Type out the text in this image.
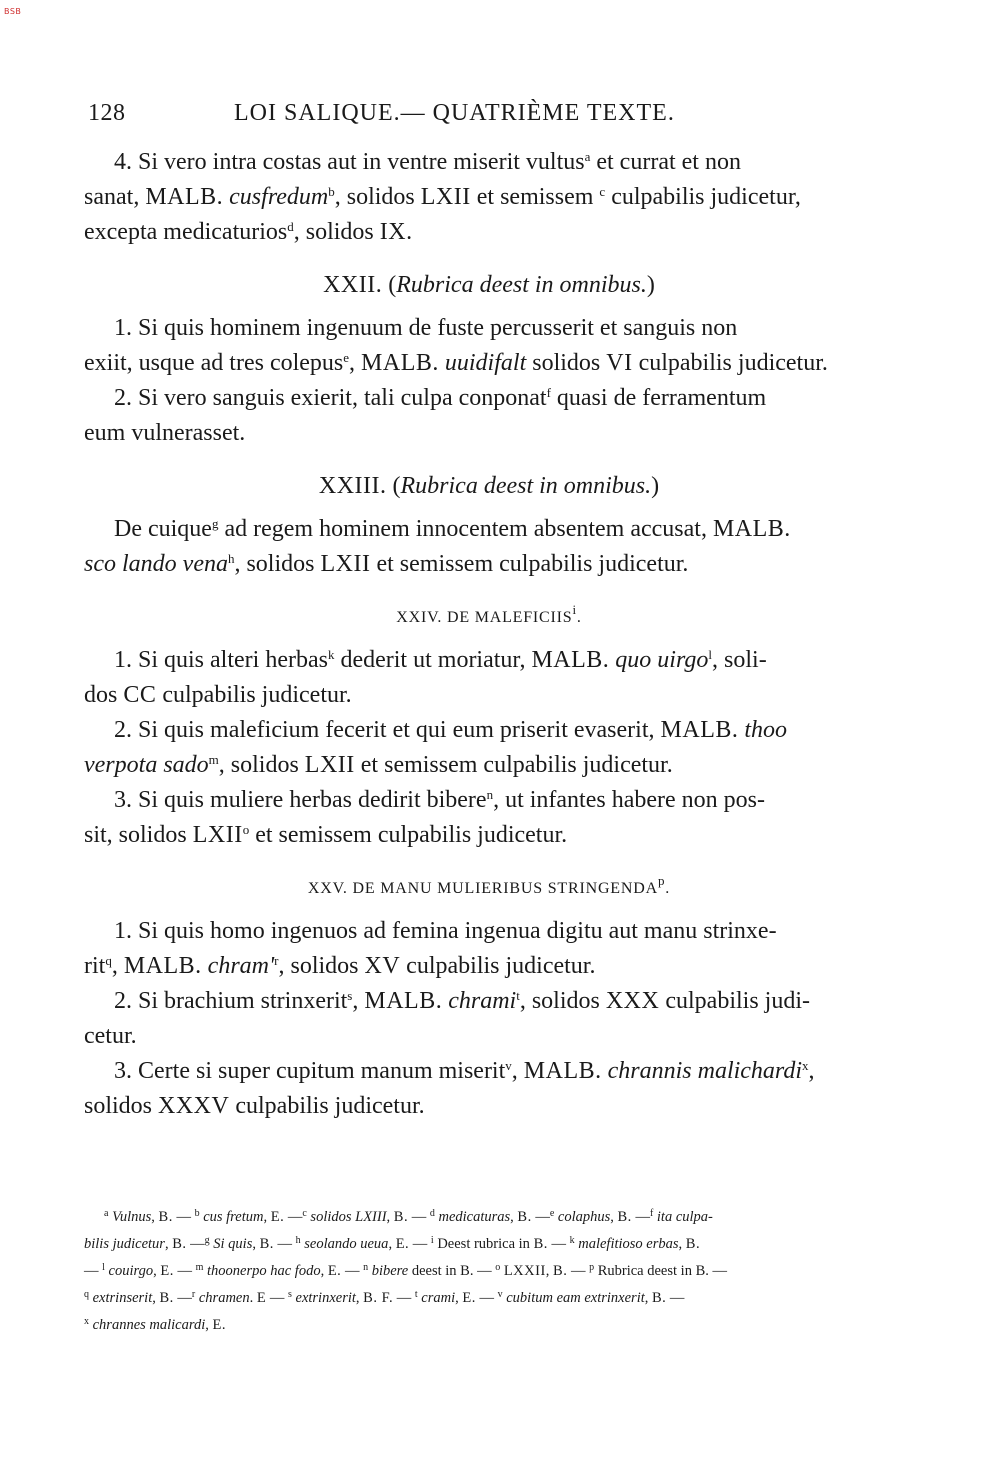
BSB
128	LOI SALIQUE.— QUATRIÈME TEXTE.
4. Si vero intra costas aut in ventre miserit vultus$^a$ et currat et non
sanat, MALB. cusfredum$^b$, solidos LXII et semissem $^c$ culpabilis judicetur,
excepta medicaturios$^d$, solidos IX.
XXII. (Rubrica deest in omnibus.)
1. Si quis hominem ingenuum de fuste percusserit et sanguis non
exiit, usque ad tres colepus$^e$, MALB. uuidifalt solidos VI culpabilis judicetur.
2. Si vero sanguis exierit, tali culpa conponat$^f$ quasi de ferramentum
eum vulnerasset.
XXIII. (Rubrica deest in omnibus.)
De cuique$^g$ ad regem hominem innocentem absentem accusat, MALB.
sco lando vena$^h$, solidos LXII et semissem culpabilis judicetur.
XXIV. DE MALEFICIIS$^i$.
1. Si quis alteri herbas$^k$ dederit ut moriatur, MALB. quo uirgo$^l$, soli-
dos CC culpabilis judicetur.
2. Si quis maleficium fecerit et qui eum priserit evaserit, MALB. thoo
verpota sado$^m$, solidos LXII et semissem culpabilis judicetur.
3. Si quis muliere herbas dedirit bibere$^n$, ut infantes habere non pos-
sit, solidos LXII$^o$ et semissem culpabilis judicetur.
XXV. DE MANU MULIERIBUS STRINGENDA$^p$.
1. Si quis homo ingenuos ad femina ingenua digitu aut manu strinxe-
rit$^q$, MALB. $chram'^r$, solidos XV culpabilis judicetur.
2. Si brachium strinxerit$^s$, MALB. chrami$^t$, solidos XXX culpabilis judi-
cetur.
3. Certe si super cupitum manum miserit$^v$, MALB. chrannis malichardi$^x$,
solidos XXXV culpabilis judicetur.
$^a$ Vulnus, B. — $^b$ cus fretum, E. —$^c$ solidos LXIII, B. — $^d$ medicaturas, B. —$^e$ colaphus, B. —$^f$ ita culpa-
bilis judicetur, B. —$^g$ Si quis, B. — $^h$ seolando ueua, E. — $^i$ Deest rubrica in B. — $^k$ malefitioso erbas, B.
— $^l$ couirgo, E. — $^m$ thoonerpo hac fodo, E. — $^n$ bibere deest in B. — $^o$ LXXII, B. — $^p$ Rubrica deest in B. —
$^q$ extrinserit, B. —$^r$ chramen. E — $^s$ extrinxerit, B. F. — $^t$ crami, E. — $^v$ cubitum eam extrinxerit, B. —
$^x$ chrannes malicardi, E.
